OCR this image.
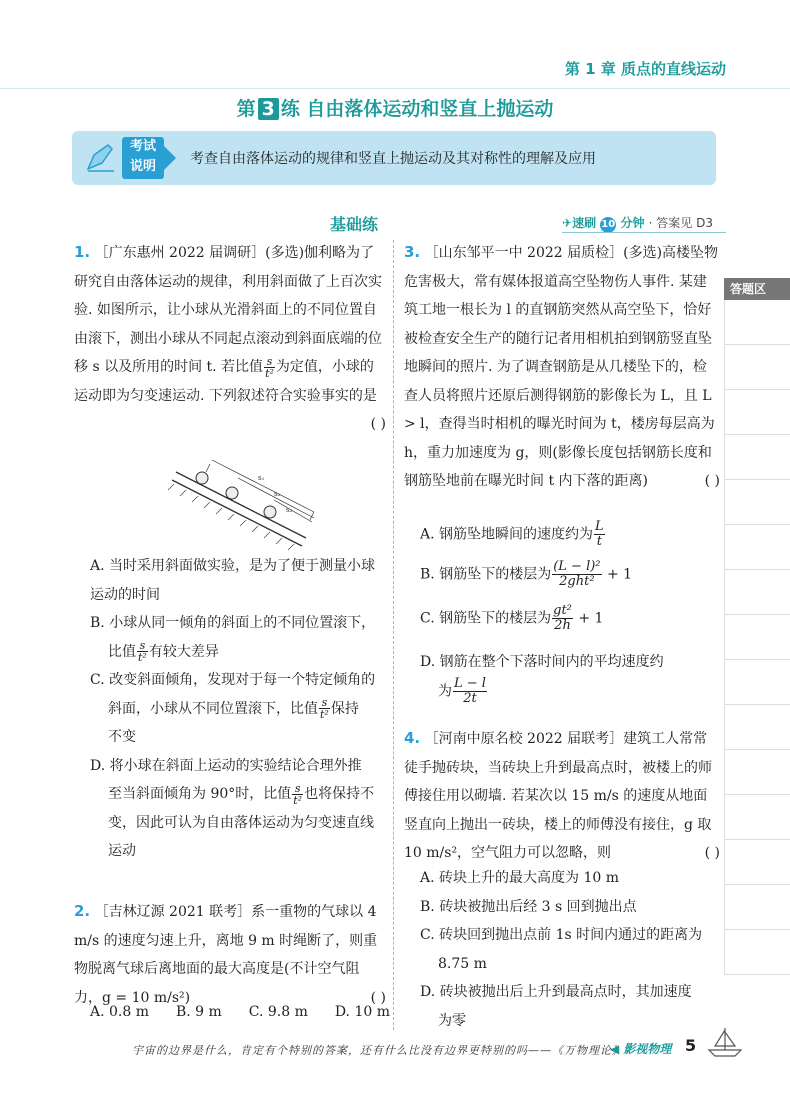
第 1 章 质点的直线运动
第 3 练 自由落体运动和竖直上抛运动
考试
说明	考查自由落体运动的规律和竖直上抛运动及其对称性的理解及应用
基础练	✈速刷 10 分钟 · 答案见 D3
答题区
1. ［广东惠州 2022 届调研］(多选)伽利略为了研究自由落体运动的规律，利用斜面做了上百次实验. 如图所示，让小球从光滑斜面上的不同位置自由滚下，测出小球从不同起点滚动到斜面底端的位移 s 以及所用的时间 t. 若比值 $\frac{s}{\text{t²}}$ 为定值，小球的运动即为匀变速运动. 下列叙述符合实验事实的是
( )
s₁
s₂
s₃
A. 当时采用斜面做实验，是为了便于测量小球运动的时间
B. 小球从同一倾角的斜面上的不同位置滚下，
比值 $\frac{s}{\text{t²}}$ 有较大差异
C. 改变斜面倾角，发现对于每一个特定倾角的
斜面，小球从不同位置滚下，比值 $\frac{s}{\text{t²}}$ 保持
不变
D. 将小球在斜面上运动的实验结论合理外推
至当斜面倾角为 90°时，比值 $\frac{s}{\text{t²}}$ 也将保持不
变，因此可认为自由落体运动为匀变速直线
运动
2. ［吉林辽源 2021 联考］系一重物的气球以 4 m/s 的速度匀速上升，离地 9 m 时绳断了，则重物脱离气球后离地面的最大高度是(不计空气阻力，g = 10 m/s²)	( )
A. 0.8 m B. 9 m C. 9.8 m D. 10 m
3. ［山东邹平一中 2022 届质检］(多选)高楼坠物危害极大，常有媒体报道高空坠物伤人事件. 某建筑工地一根长为 l 的直钢筋突然从高空坠下，恰好被检查安全生产的随行记者用相机拍到钢筋竖直坠地瞬间的照片. 为了调查钢筋是从几楼坠下的，检查人员将照片还原后测得钢筋的影像长为 L，且 L > l，查得当时相机的曝光时间为 t，楼房每层高为 h，重力加速度为 g，则(影像长度包括钢筋长度和钢筋坠地前在曝光时间 t 内下落的距离)	( )
A. 钢筋坠地瞬间的速度约为 $\frac{L}{t}$
B. 钢筋坠下的楼层为 $\frac{\text{(L − l)²}}{\text{2ght²}} + 1$
C. 钢筋坠下的楼层为 $\frac{\text{gt²}}{2h} + 1$
D. 钢筋在整个下落时间内的平均速度约
为 $\frac{L - l}{2t}$
4. ［河南中原名校 2022 届联考］建筑工人常常徒手抛砖块，当砖块上升到最高点时，被楼上的师傅接住用以砌墙. 若某次以 15 m/s 的速度从地面竖直向上抛出一砖块，楼上的师傅没有接住，g 取 10 m/s²，空气阻力可以忽略，则	( )
A. 砖块上升的最大高度为 10 m
B. 砖块被抛出后经 3 s 回到抛出点
C. 砖块回到抛出点前 1s 时间内通过的距离为
8.75 m
D. 砖块被抛出后上升到最高点时，其加速度
为零
宇宙的边界是什么，肯定有个特别的答案，还有什么比没有边界更特别的吗——《万物理论》
◀ 影视物理 5
